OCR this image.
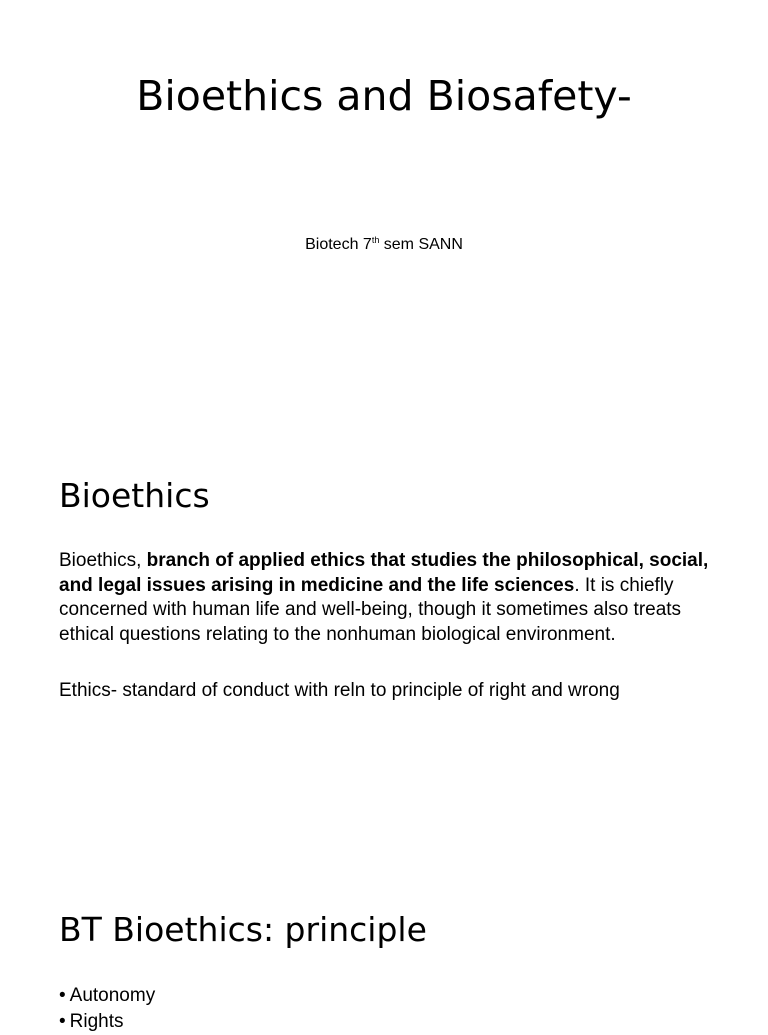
Bioethics and Biosafety-
Biotech 7th sem SANN
Bioethics
Bioethics, branch of applied ethics that studies the philosophical, social, and legal issues arising in medicine and the life sciences. It is chiefly concerned with human life and well-being, though it sometimes also treats ethical questions relating to the nonhuman biological environment.
Ethics- standard of conduct with reln to principle of right and wrong
BT Bioethics: principle
• Autonomy
• Rights
